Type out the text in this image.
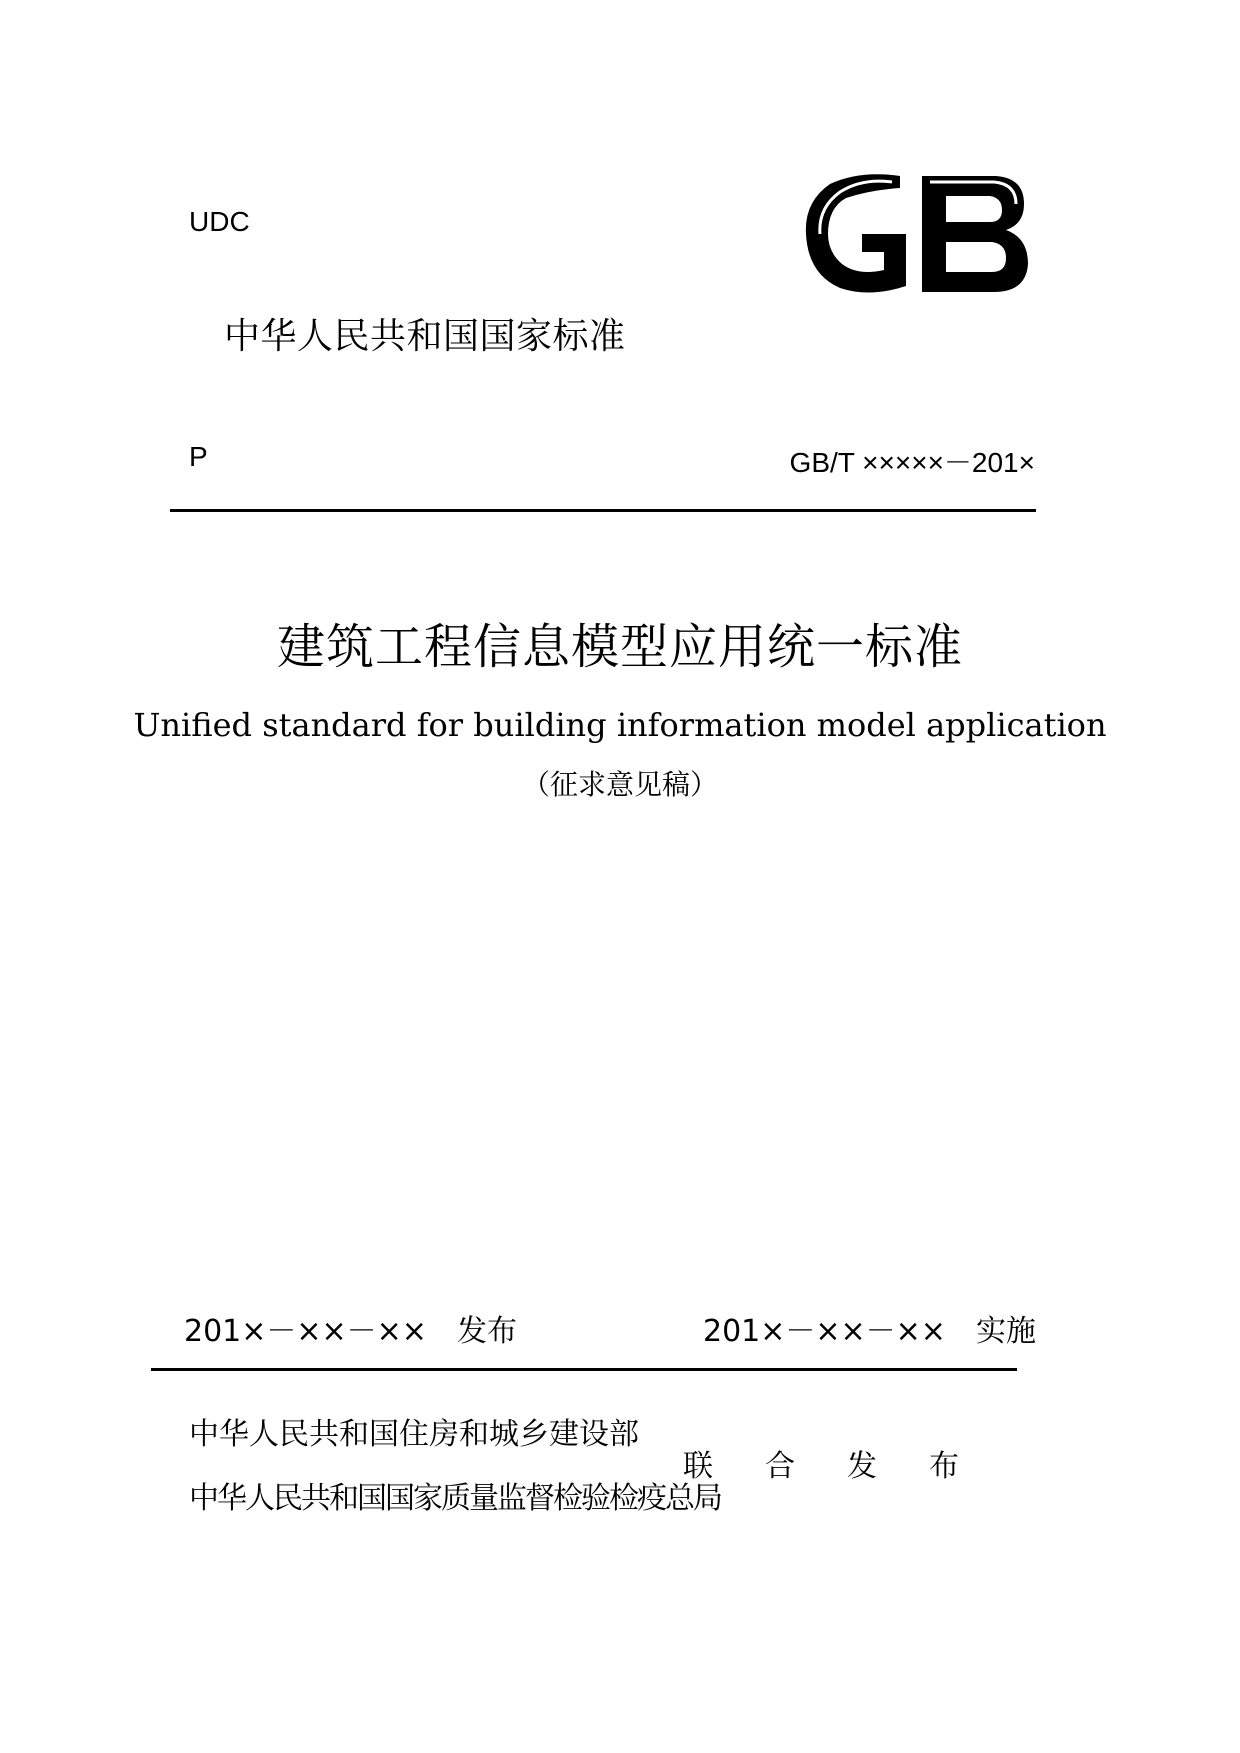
UDC
中华人民共和国国家标准
P	GB/T ×××××－201×
建筑工程信息模型应用统一标准
Unified standard for building information model application
（征求意见稿）
201×－××－××　发布	201×－××－××　实施
中华人民共和国住房和城乡建设部
中华人民共和国国家质量监督检验检疫总局
联合发布
